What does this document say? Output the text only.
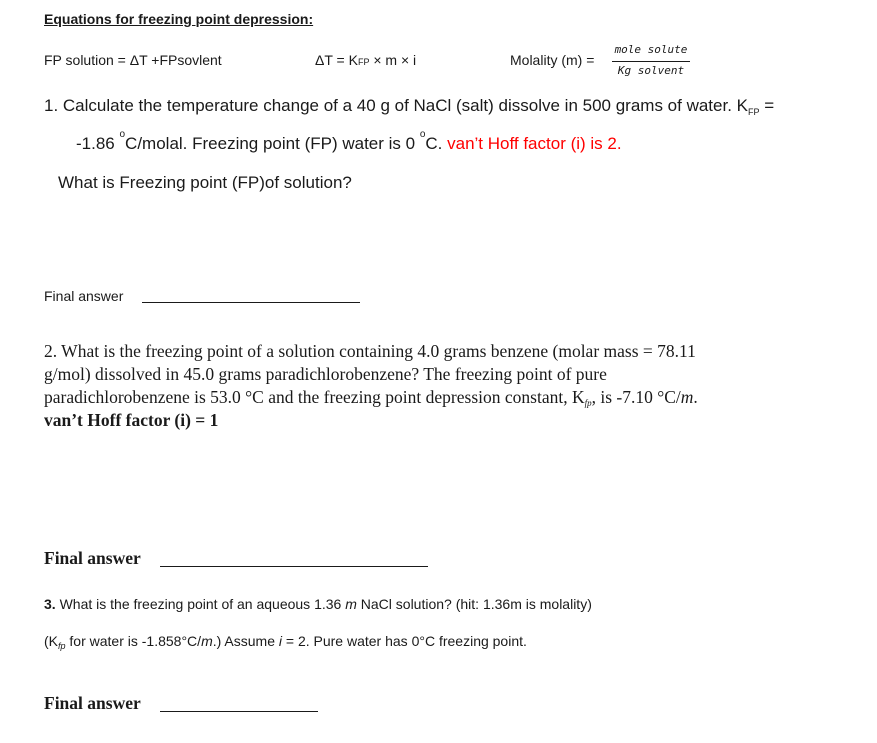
Equations for freezing point depression:
FP solution = ΔT +FPsovlent	ΔT = KFP × m × i	Molality (m) =
mole solute
Kg solvent
1. Calculate the temperature change of a 40 g of NaCl (salt) dissolve in 500 grams of water. $K_{FP}$ =
-1.86 $^o$C/molal. Freezing point (FP) water is 0 $^o$C. van’t Hoff factor (i) is 2.
What is Freezing point (FP)of solution?
Final answer
2. What is the freezing point of a solution containing 4.0 grams benzene (molar mass = 78.11
g/mol) dissolved in 45.0 grams paradichlorobenzene? The freezing point of pure
paradichlorobenzene is 53.0 °C and the freezing point depression constant, Kfp, is -7.10 °C/m.
van’t Hoff factor (i) = 1
Final answer
3. What is the freezing point of an aqueous 1.36 m NaCl solution? (hit: 1.36m is molality)
($K_{fp}$ for water is -1.858°C/m.) Assume i = 2. Pure water has 0°C freezing point.
Final answer
